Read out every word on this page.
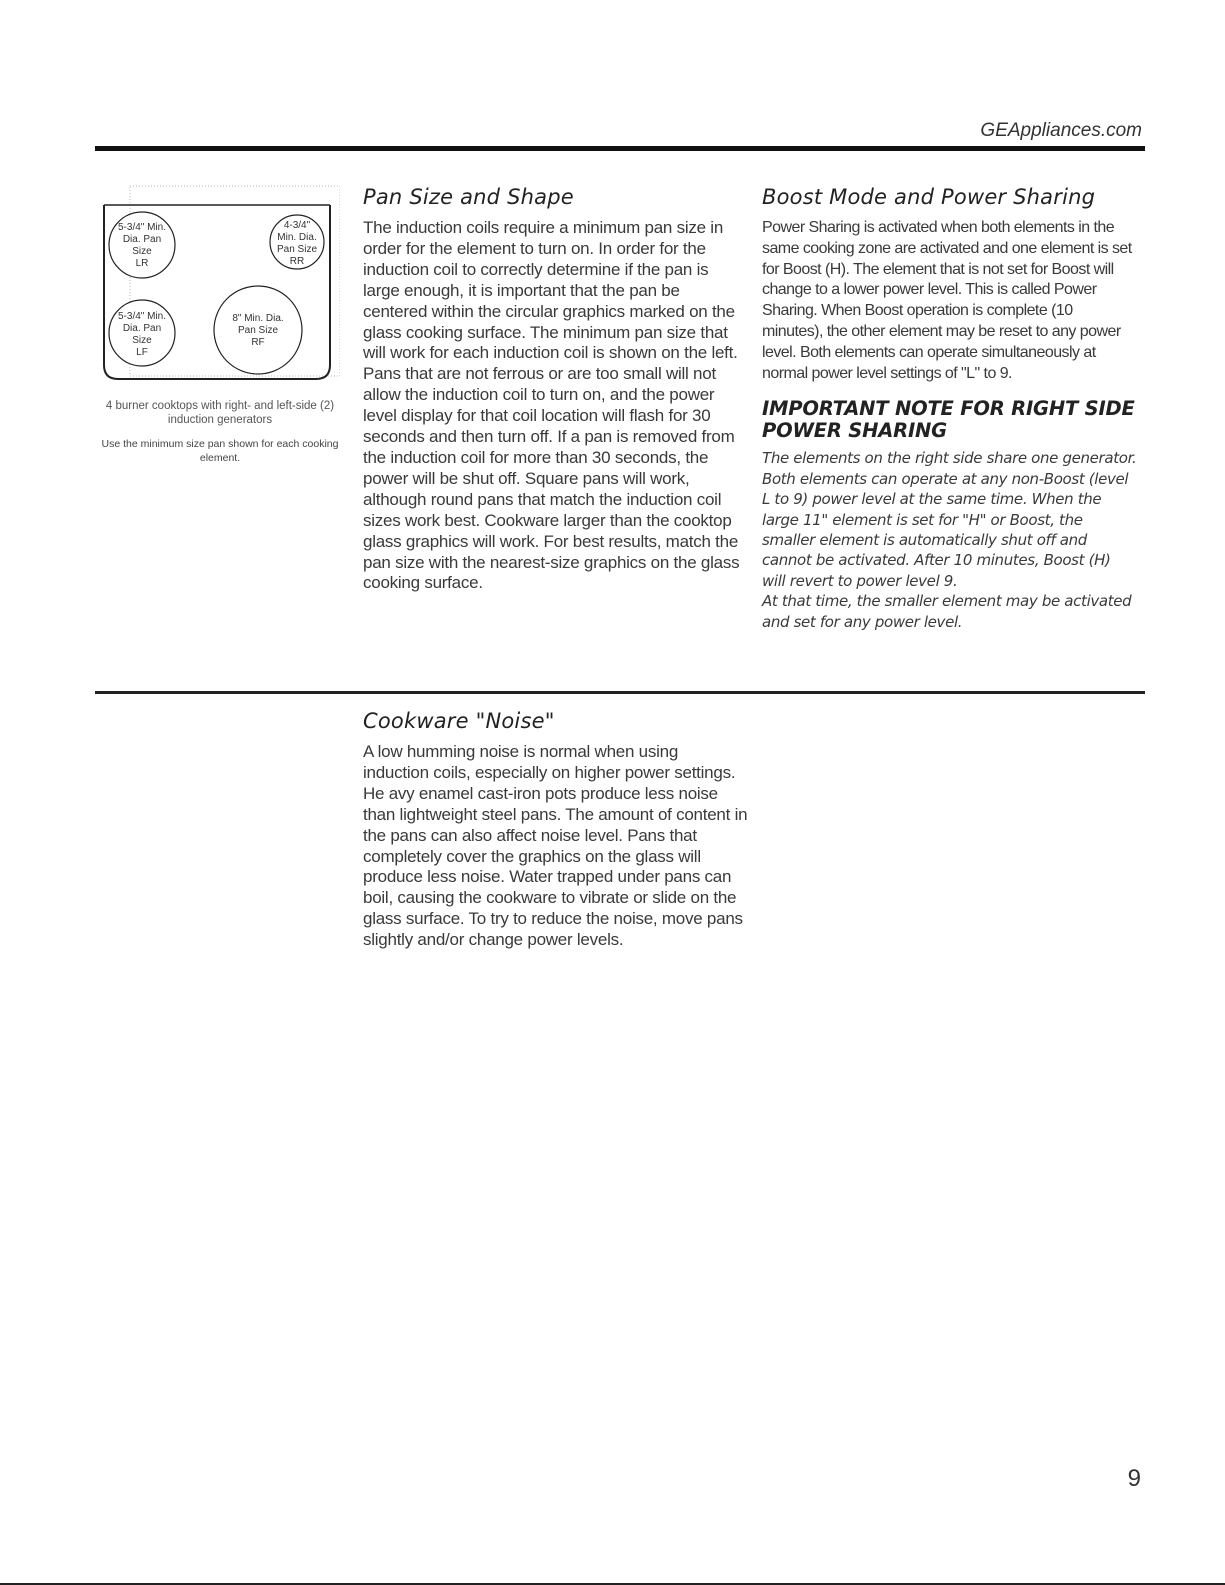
GEAppliances.com
5-3/4" Min.
Dia. Pan
Size
LR
4-3/4"
Min. Dia.
Pan Size
RR
5-3/4" Min.
Dia. Pan
Size
LF
8" Min. Dia.
Pan Size
RF
4 burner cooktops with right- and left-side (2) induction generators
Use the minimum size pan shown for each cooking element.
Pan Size and Shape

The induction coils require a minimum pan size in order for the element to turn on. In order for the induction coil to correctly determine if the pan is large enough, it is important that the pan be centered within the circular graphics marked on the glass cooking surface. The minimum pan size that will work for each induction coil is shown on the left. Pans that are not ferrous or are too small will not allow the induction coil to turn on, and the power level display for that coil location will flash for 30 seconds and then turn off. If a pan is removed from the induction coil for more than 30 seconds, the power will be shut off. Square pans will work, although round pans that match the induction coil sizes work best. Cookware larger than the cooktop glass graphics will work. For best results, match the pan size with the nearest-size graphics on the glass cooking surface.

Boost Mode and Power Sharing

Power Sharing is activated when both elements in the same cooking zone are activated and one element is set for Boost (H). The element that is not set for Boost will change to a lower power level. This is called Power Sharing. When Boost operation is complete (10 minutes), the other element may be reset to any power level. Both elements can operate simultaneously at normal power level settings of "L" to 9.

IMPORTANT NOTE FOR RIGHT SIDE POWER SHARING

The elements on the right side share one generator. Both elements can operate at any non-Boost (level L to 9) power level at the same time. When the large 11" element is set for "H" or Boost, the smaller element is automatically shut off and cannot be activated. After 10 minutes, Boost (H) will revert to power level 9.

At that time, the smaller element may be activated and set for any power level.

Cookware "Noise"

A low humming noise is normal when using induction coils, especially on higher power settings. He avy enamel cast-iron pots produce less noise than lightweight steel pans. The amount of content in the pans can also affect noise level. Pans that completely cover the graphics on the glass will produce less noise. Water trapped under pans can boil, causing the cookware to vibrate or slide on the glass surface. To try to reduce the noise, move pans slightly and/or change power levels.

9
